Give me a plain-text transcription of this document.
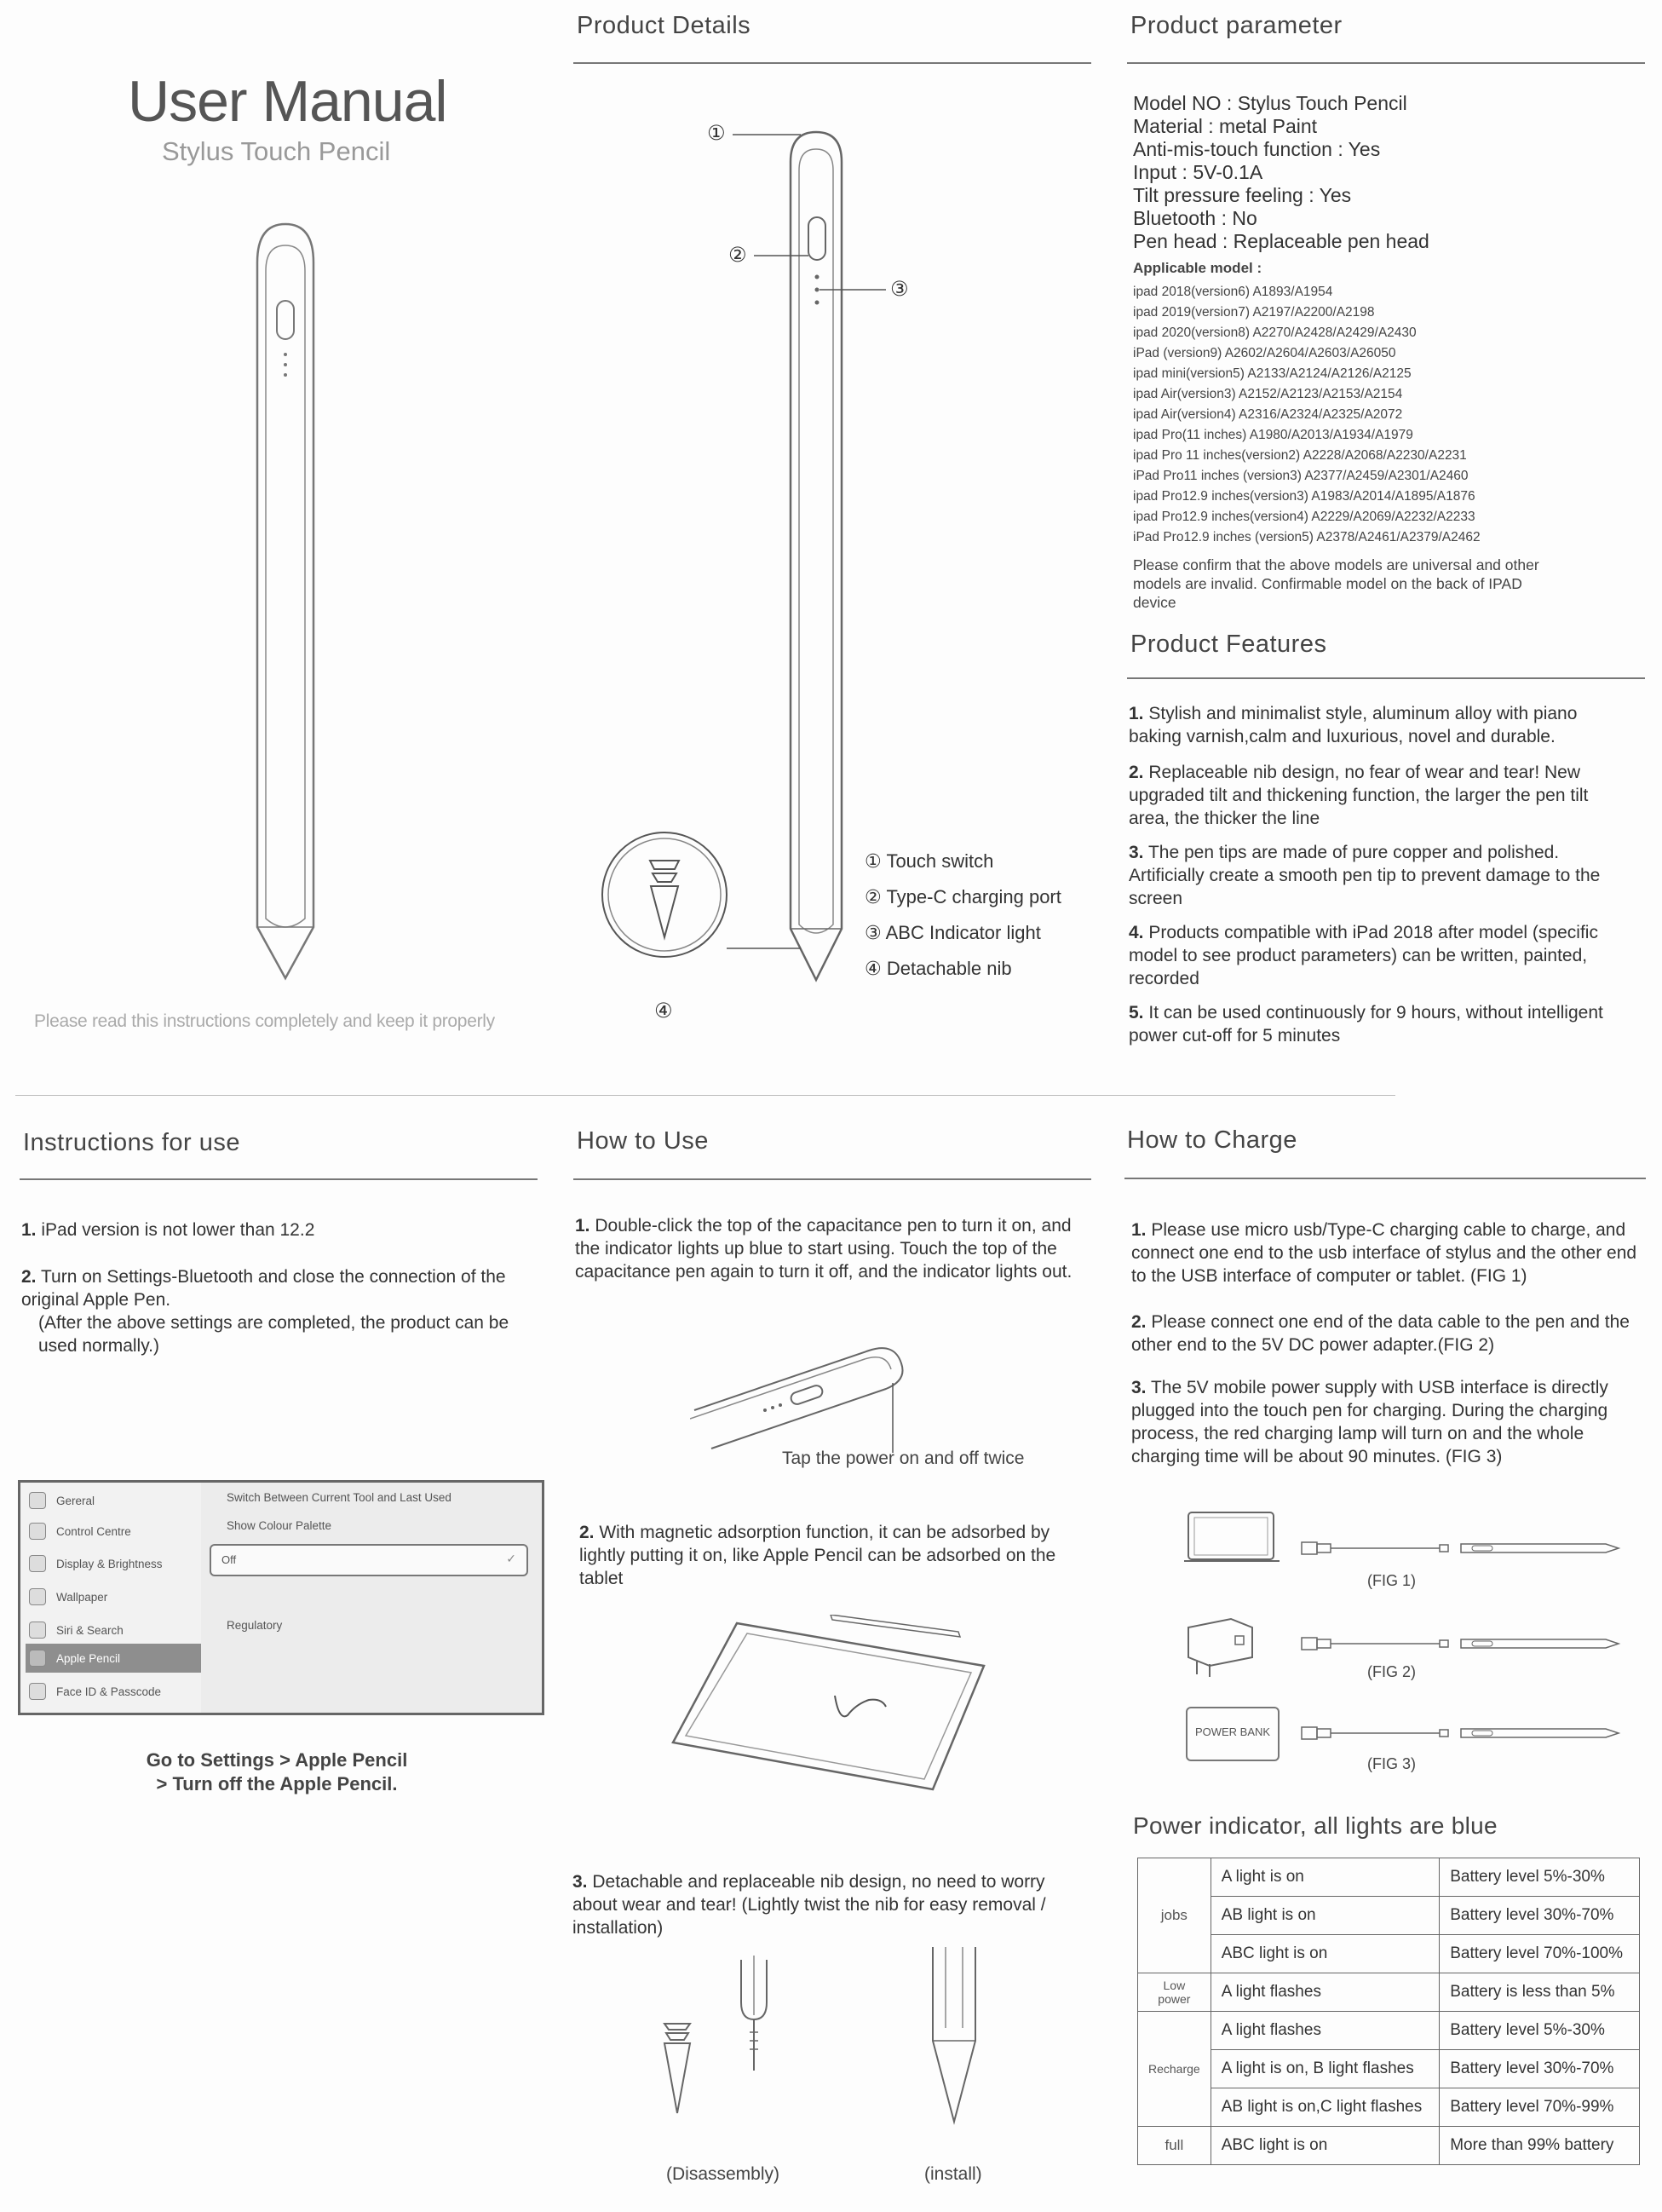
User Manual
Stylus Touch Pencil
Please read this instructions completely and keep it properly
Product Details
①
②
③
④
① Touch switch
② Type-C charging port
③ ABC Indicator light
④ Detachable nib
Product parameter
Model NO : Stylus Touch Pencil
Material : metal Paint
Anti-mis-touch function : Yes
Input : 5V-0.1A
Tilt pressure feeling : Yes
Bluetooth : No
Pen head : Replaceable pen head
Applicable model :
ipad 2018(version6) A1893/A1954
ipad 2019(version7) A2197/A2200/A2198
ipad 2020(version8) A2270/A2428/A2429/A2430
iPad (version9) A2602/A2604/A2603/A26050
ipad mini(version5) A2133/A2124/A2126/A2125
ipad Air(version3) A2152/A2123/A2153/A2154
ipad Air(version4) A2316/A2324/A2325/A2072
ipad Pro(11 inches) A1980/A2013/A1934/A1979
ipad Pro 11 inches(version2) A2228/A2068/A2230/A2231
iPad Pro11 inches (version3) A2377/A2459/A2301/A2460
ipad Pro12.9 inches(version3) A1983/A2014/A1895/A1876
ipad Pro12.9 inches(version4) A2229/A2069/A2232/A2233
iPad Pro12.9 inches (version5) A2378/A2461/A2379/A2462
Please confirm that the above models are universal and other models are invalid. Confirmable model on the back of IPAD device
Product Features
1. Stylish and minimalist style, aluminum alloy with piano baking varnish,calm and luxurious, novel and durable.
2. Replaceable nib design, no fear of wear and tear! New upgraded tilt and thickening function, the larger the pen tilt area, the thicker the line
3. The pen tips are made of pure copper and polished. Artificially create a smooth pen tip to prevent damage to the screen
4. Products compatible with iPad 2018 after model (specific model to see product parameters) can be written, painted, recorded
5. It can be used continuously for 9 hours, without intelligent power cut-off for 5 minutes
Instructions for use
1. iPad version is not lower than 12.2
2. Turn on Settings-Bluetooth and close the connection of the original Apple Pen.
(After the above settings are completed, the product can be used normally.)
Gereral
Control Centre
Display & Brightness
Wallpaper
Siri & Search
Apple Pencil
Face ID & Passcode
Switch Between Current Tool and Last Used
Show Colour Palette
Off	✓
Regulatory
Go to Settings > Apple Pencil
> Turn off the Apple Pencil.
How to Use
1. Double-click the top of the capacitance pen to turn it on, and the indicator lights up blue to start using. Touch the top of the capacitance pen again to turn it off, and the indicator lights out.
Tap the power on and off twice
2. With magnetic adsorption function, it can be adsorbed by lightly putting it on, like Apple Pencil can be adsorbed on the tablet
3. Detachable and replaceable nib design, no need to worry about wear and tear! (Lightly twist the nib for easy removal / installation)
(Disassembly)	(install)
How to Charge
1. Please use micro usb/Type-C charging cable to charge, and connect one end to the usb interface of stylus and the other end to the USB interface of computer or tablet. (FIG 1)
2. Please connect one end of the data cable to the pen and the other end to the 5V DC power adapter.(FIG 2)
3. The 5V mobile power supply with USB interface is directly plugged into the touch pen for charging. During the charging process, the red charging lamp will turn on and the whole charging time will be about 90 minutes. (FIG 3)
(FIG 1)
(FIG 2)
POWER BANK
(FIG 3)
Power indicator, all lights are blue
jobs	A light is on	Battery level 5%-30%
	AB light is on	Battery level 30%-70%
	ABC light is on	Battery level 70%-100%
Low power	A light flashes	Battery is less than 5%
Recharge	A light flashes	Battery level 5%-30%
	A light is on, B light flashes	Battery level 30%-70%
	AB light is on,C light flashes	Battery level 70%-99%
full	ABC light is on	More than 99% battery
